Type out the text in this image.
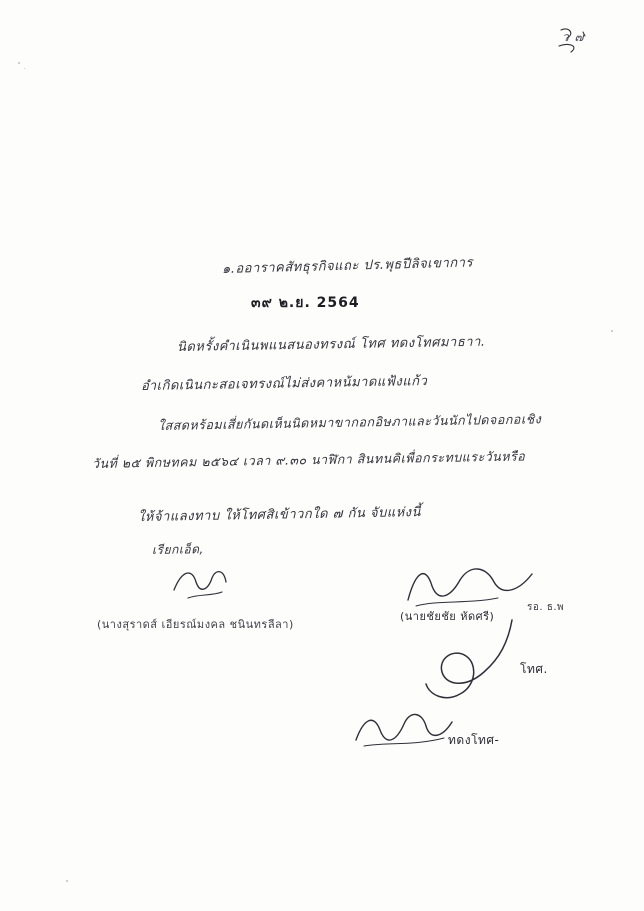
ว ๗
๑.ออาราคสัทธุรกิจแถะ ปร.พุธปีลิจเขาการ
๓๙ ๒.ย. 2564
นิดหรั้งคำเนินพแนสนองทรงณ์ โทศ ทดงโทศมาธาา.
อำเกิดเนินกะสอเจทรงณ์ไม่ส่งคาหน้มาดแฟ้งแก้ว
ใสสดหร้อมเสี่ยกันดเห็นนิดหมาขากอกอิษภาและวันนักไปดจอกอเชิง
วันที่ ๒๕ พิกษทคม ๒๕๖๔ เวลา ๙.๓๐ นาฬิกา สินทนคิเพื่อกระทบแระวันหรือ
ให้จ้าแลงทาบ ให้โทศสิเข้าวกใด ๗ กัน จับแห่งนี้
เรียกเอ็ด,
(นางสุราดส์ เอียรณ์มงคล ชนินทรลีลา)
(นายชัยชัย หัดศรี)
รอ. ธ.พ
โทศ.
ทดงโทศ-
